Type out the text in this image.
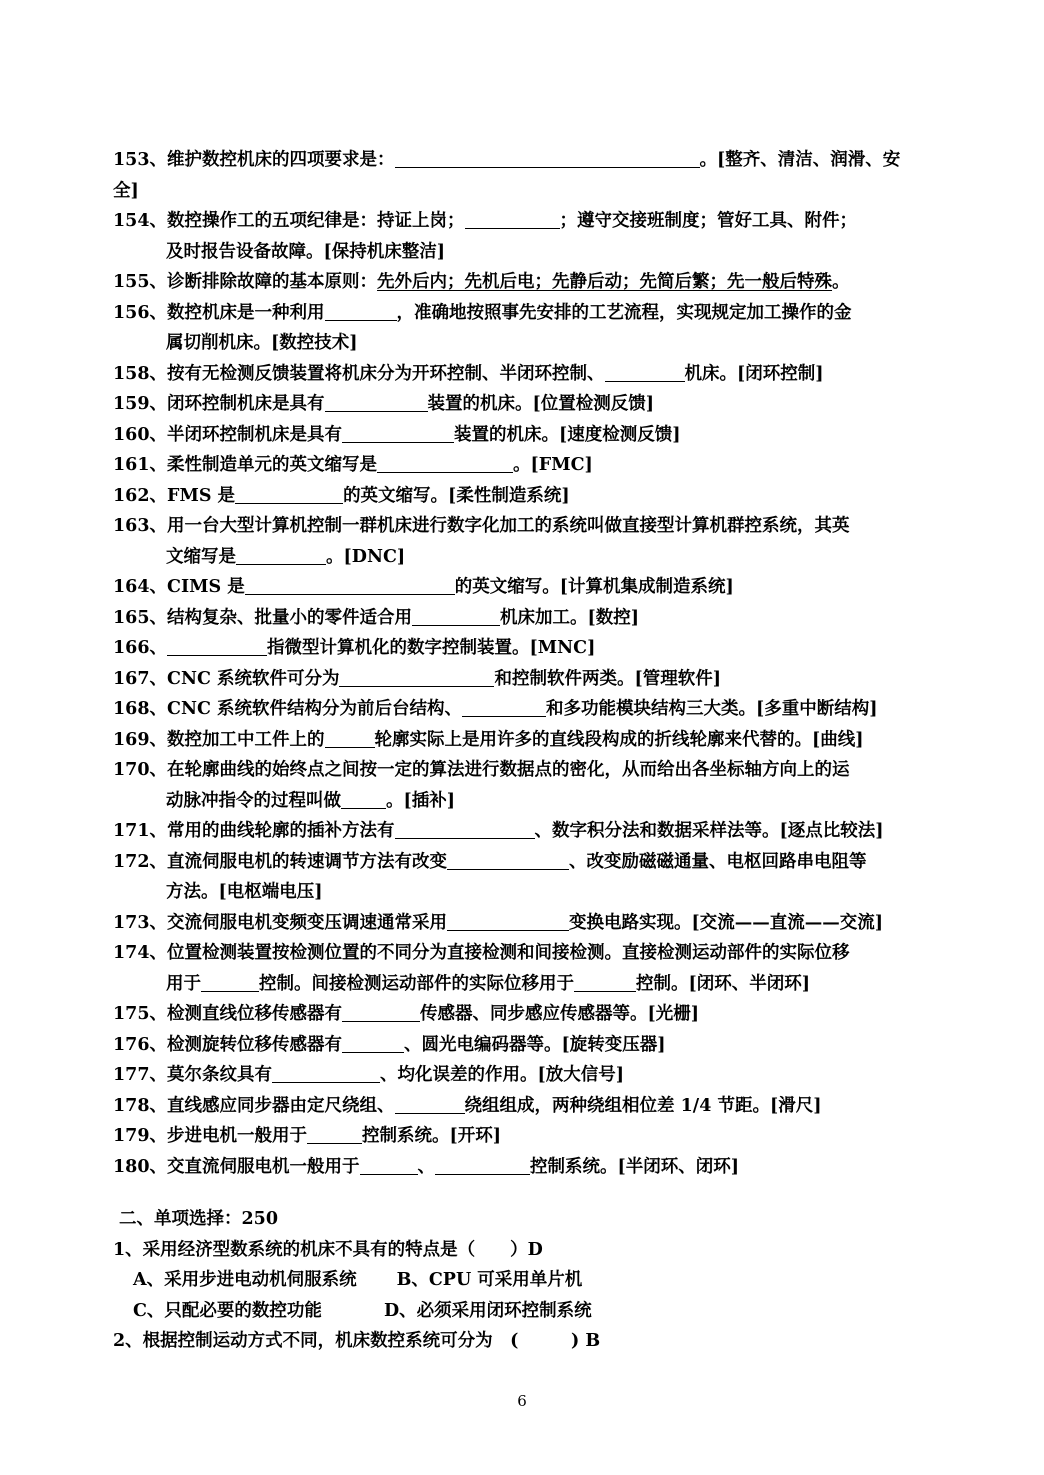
153、维护数控机床的四项要求是：	。[整齐、清洁、润滑、安
全]
154、数控操作工的五项纪律是：持证上岗；	；遵守交接班制度；管好工具、附件；
及时报告设备故障。[保持机床整洁]
155、诊断排除故障的基本原则：先外后内；先机后电；先静后动；先简后繁；先一般后特殊。
156、数控机床是一种利用	，准确地按照事先安排的工艺流程，实现规定加工操作的金
属切削机床。[数控技术]
158、按有无检测反馈装置将机床分为开环控制、半闭环控制、	机床。[闭环控制]
159、闭环控制机床是具有	装置的机床。[位置检测反馈]
160、半闭环控制机床是具有	装置的机床。[速度检测反馈]
161、柔性制造单元的英文缩写是	。[FMC]
162、FMS 是	的英文缩写。[柔性制造系统]
163、用一台大型计算机控制一群机床进行数字化加工的系统叫做直接型计算机群控系统，其英
文缩写是	。[DNC]
164、CIMS 是	的英文缩写。[计算机集成制造系统]
165、结构复杂、批量小的零件适合用	机床加工。[数控]
166、	指微型计算机化的数字控制装置。[MNC]
167、CNC 系统软件可分为	和控制软件两类。[管理软件]
168、CNC 系统软件结构分为前后台结构、	和多功能模块结构三大类。[多重中断结构]
169、数控加工中工件上的	轮廓实际上是用许多的直线段构成的折线轮廓来代替的。[曲线]
170、在轮廓曲线的始终点之间按一定的算法进行数据点的密化，从而给出各坐标轴方向上的运
动脉冲指令的过程叫做	。[插补]
171、常用的曲线轮廓的插补方法有	、数字积分法和数据采样法等。[逐点比较法]
172、直流伺服电机的转速调节方法有改变	、改变励磁磁通量、电枢回路串电阻等
方法。[电枢端电压]
173、交流伺服电机变频变压调速通常采用	变换电路实现。[交流——直流——交流]
174、位置检测装置按检测位置的不同分为直接检测和间接检测。直接检测运动部件的实际位移
用于	控制。间接检测运动部件的实际位移用于	控制。[闭环、半闭环]
175、检测直线位移传感器有	传感器、同步感应传感器等。[光栅]
176、检测旋转位移传感器有	、圆光电编码器等。[旋转变压器]
177、莫尔条纹具有	、均化误差的作用。[放大信号]
178、直线感应同步器由定尺绕组、	绕组组成，两种绕组相位差 1/4 节距。[滑尺]
179、步进电机一般用于	控制系统。[开环]
180、交直流伺服电机一般用于	、	控制系统。[半闭环、闭环]
二、单项选择：250
1、采用经济型数系统的机床不具有的特点是（　　）D
A、采用步进电动机伺服系统 B、CPU 可采用单片机
C、只配必要的数控功能	D、必须采用闭环控制系统
2、根据控制运动方式不同，机床数控系统可分为　(　　　) B
6
